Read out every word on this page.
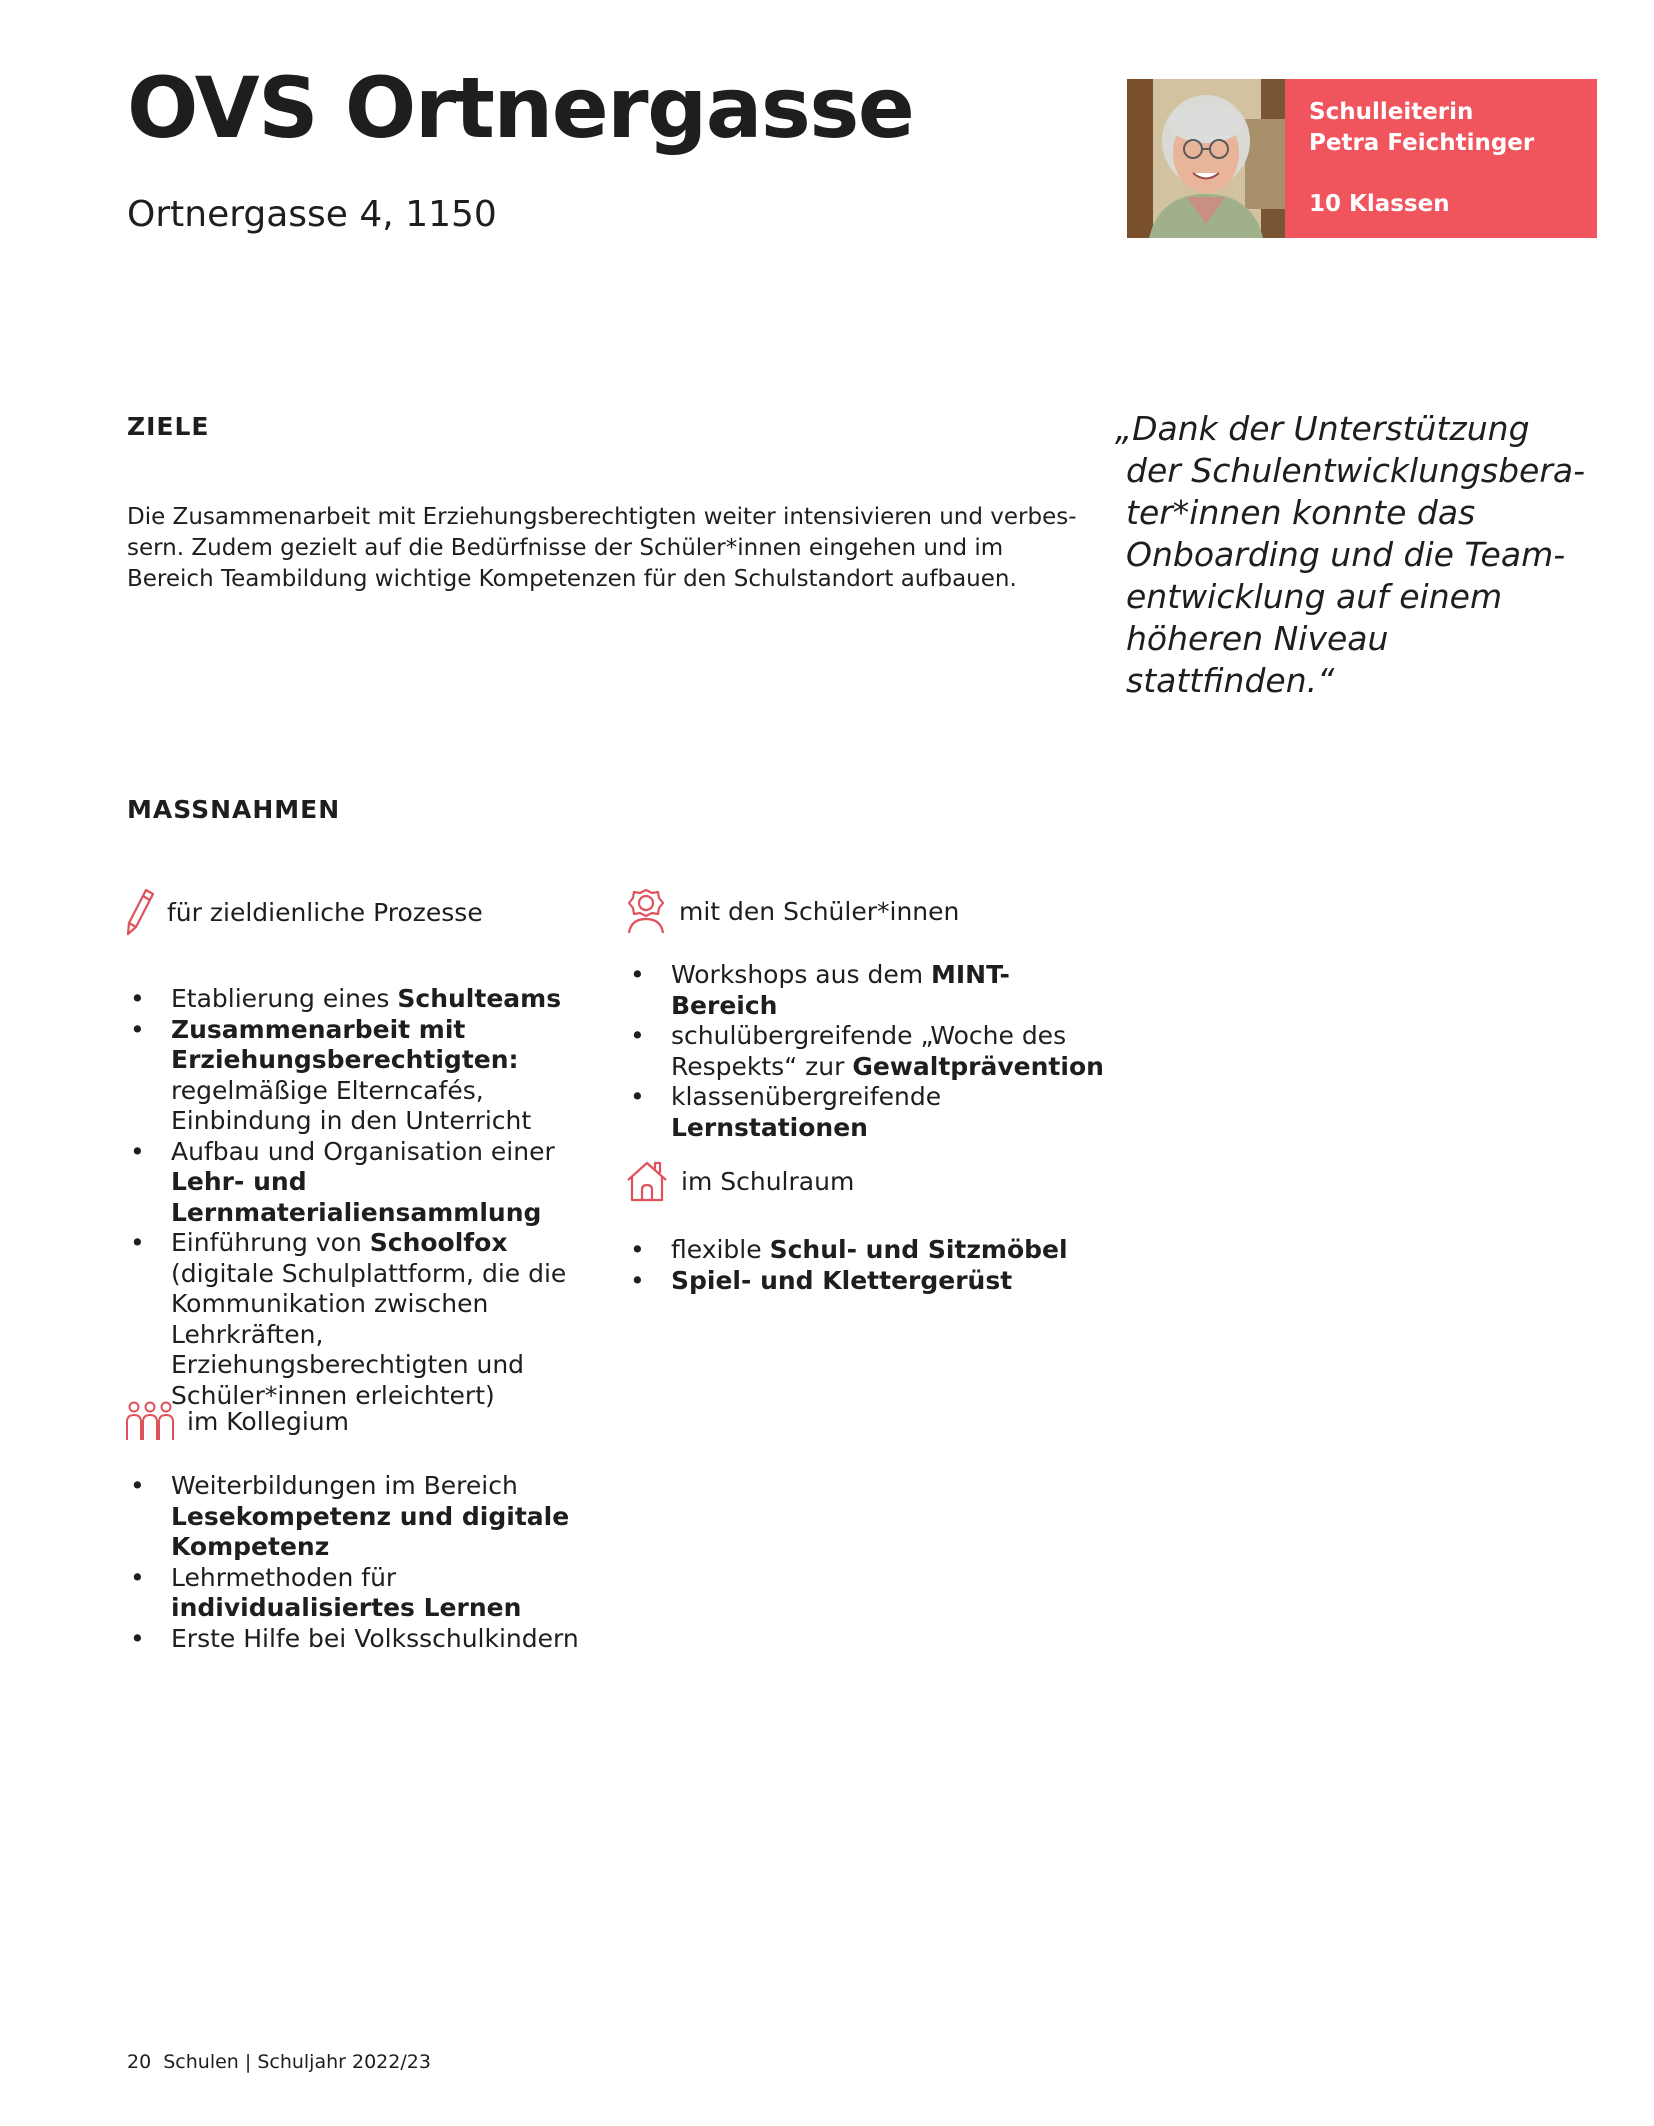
OVS Ortnergasse
Ortnergasse 4, 1150
Schulleiterin
Petra Feichtinger
10 Klassen
ZIELE

Die Zusammenarbeit mit Erziehungsberechtigten weiter intensivieren und verbessern. Zudem gezielt auf die Bedürfnisse der Schüler*innen eingehen und im Bereich Teambildung wichtige Kompetenzen für den Schulstandort aufbauen.

„Dank der Unterstützung der Schulentwicklungsberater*innen konnte das Onboarding und die Teamentwicklung auf einem höheren Niveau stattfinden.“

MASSNAHMEN
für zieldienliche Prozesse
• Etablierung eines Schulteams
• Zusammenarbeit mit Erziehungsberechtigten: regelmäßige Elterncafés, Einbindung in den Unterricht
• Aufbau und Organisation einer Lehr- und Lernmaterialiensammlung
• Einführung von Schoolfox (digitale Schulplattform, die die Kommunikation zwischen Lehrkräften, Erziehungsberechtigten und Schüler*innen erleichtert)
im Kollegium
• Weiterbildungen im Bereich Lesekompetenz und digitale Kompetenz
• Lehrmethoden für individualisiertes Lernen
• Erste Hilfe bei Volksschulkindern
mit den Schüler*innen
• Workshops aus dem MINT-Bereich
• schulübergreifende „Woche des Respekts“ zur Gewaltprävention
• klassenübergreifende Lernstationen
im Schulraum
• flexible Schul- und Sitzmöbel
• Spiel- und Klettergerüst
20 Schulen | Schuljahr 2022/23
